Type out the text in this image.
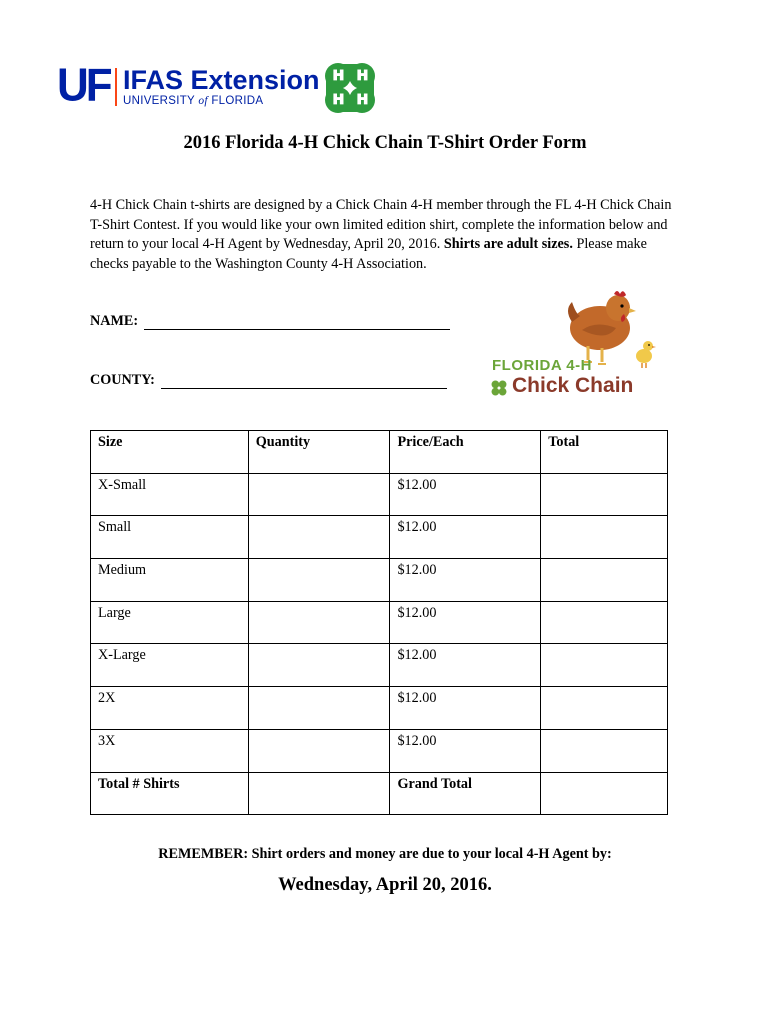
UF IFAS Extension
UNIVERSITY of FLORIDA
2016 Florida 4-H Chick Chain T-Shirt Order Form

4-H Chick Chain t-shirts are designed by a Chick Chain 4-H member through the FL 4-H Chick Chain T-Shirt Contest. If you would like your own limited edition shirt, complete the information below and return to your local 4-H Agent by Wednesday, April 20, 2016. Shirts are adult sizes. Please make checks payable to the Washington County 4-H Association.

NAME:
COUNTY:
FLORIDA 4-H
Chick Chain
Size	Quantity	Price/Each	Total
X-Small		$12.00	
Small		$12.00	
Medium		$12.00	
Large		$12.00	
X-Large		$12.00	
2X		$12.00	
3X		$12.00	
Total # Shirts		Grand Total	
REMEMBER: Shirt orders and money are due to your local 4-H Agent by:
Wednesday, April 20, 2016.
